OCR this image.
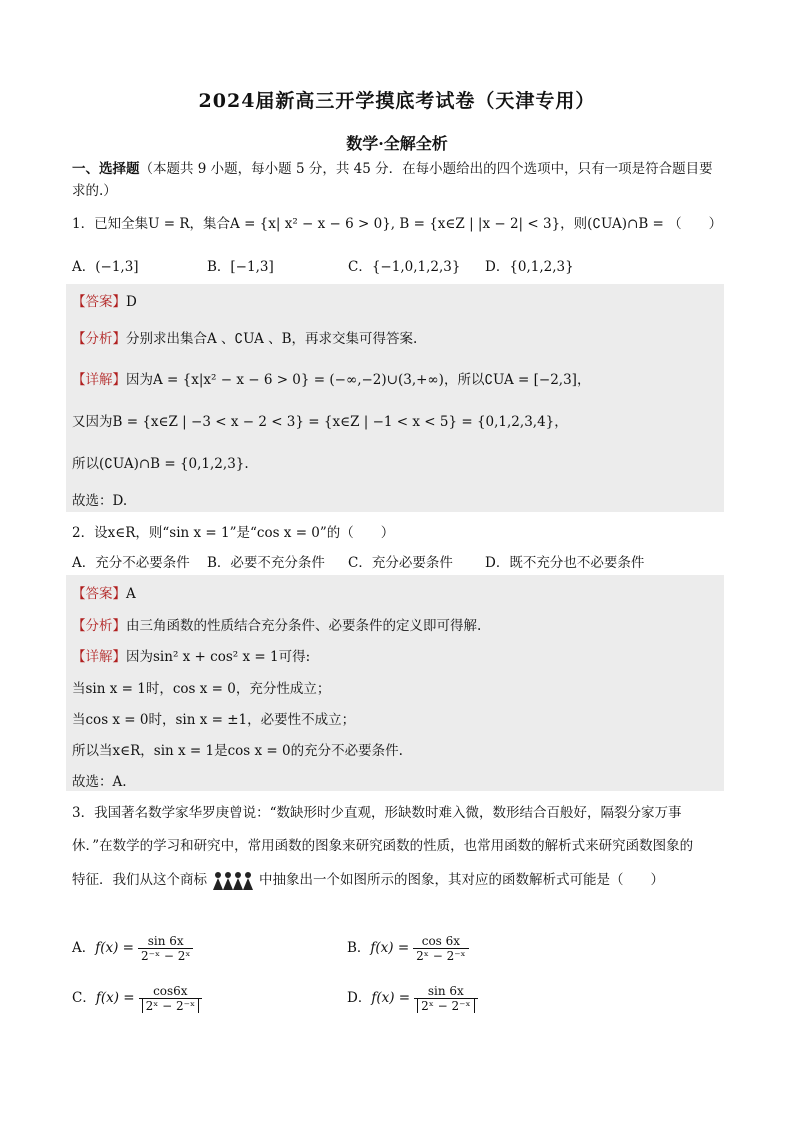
2024届新高三开学摸底考试卷（天津专用）
数学·全解全析
一、选择题（本题共 9 小题，每小题 5 分，共 45 分．在每小题给出的四个选项中，只有一项是符合题目要求的.）
1．已知全集U = R，集合A = {x| x² − x − 6 > 0}, B = {x∈Z | |x − 2| < 3}，则(∁UA)∩B = （　　）
A．(−1,3]	B．[−1,3]	C．{−1,0,1,2,3} D．{0,1,2,3}
【答案】D
【分析】分别求出集合A 、∁UA 、B，再求交集可得答案.
【详解】因为A = {x|x² − x − 6 > 0} = (−∞,−2)∪(3,+∞)，所以∁UA = [−2,3]，
又因为B = {x∈Z | −3 < x − 2 < 3} = {x∈Z | −1 < x < 5} = {0,1,2,3,4}，
所以(∁UA)∩B = {0,1,2,3}.
故选：D.
2．设x∈R，则“sin x = 1”是“cos x = 0”的（　　）
A．充分不必要条件 B．必要不充分条件 C．充分必要条件 D．既不充分也不必要条件
【答案】A
【分析】由三角函数的性质结合充分条件、必要条件的定义即可得解.
【详解】因为sin² x + cos² x = 1可得:
当sin x = 1时，cos x = 0，充分性成立；
当cos x = 0时，sin x = ±1，必要性不成立；
所以当x∈R，sin x = 1是cos x = 0的充分不必要条件.
故选：A.
3．我国著名数学家华罗庚曾说：“数缺形时少直观，形缺数时难入微，数形结合百般好，隔裂分家万事
休．”在数学的学习和研究中，常用函数的图象来研究函数的性质，也常用函数的解析式来研究函数图象的
特征．我们从这个商标	中抽象出一个如图所示的图象，其对应的函数解析式可能是（　　）
A．$f(x) = \frac{\sin 6x}{\text{2⁻ˣ − 2ˣ}}$	B．$f(x) = \frac{\cos 6x}{\text{2ˣ − 2⁻ˣ}}$
C．$f(x) = \frac{\cos 6x}{\text{2ˣ − 2⁻ˣ}}$	D．$f(x) = \frac{\sin 6x}{\text{2ˣ − 2⁻ˣ}}$
